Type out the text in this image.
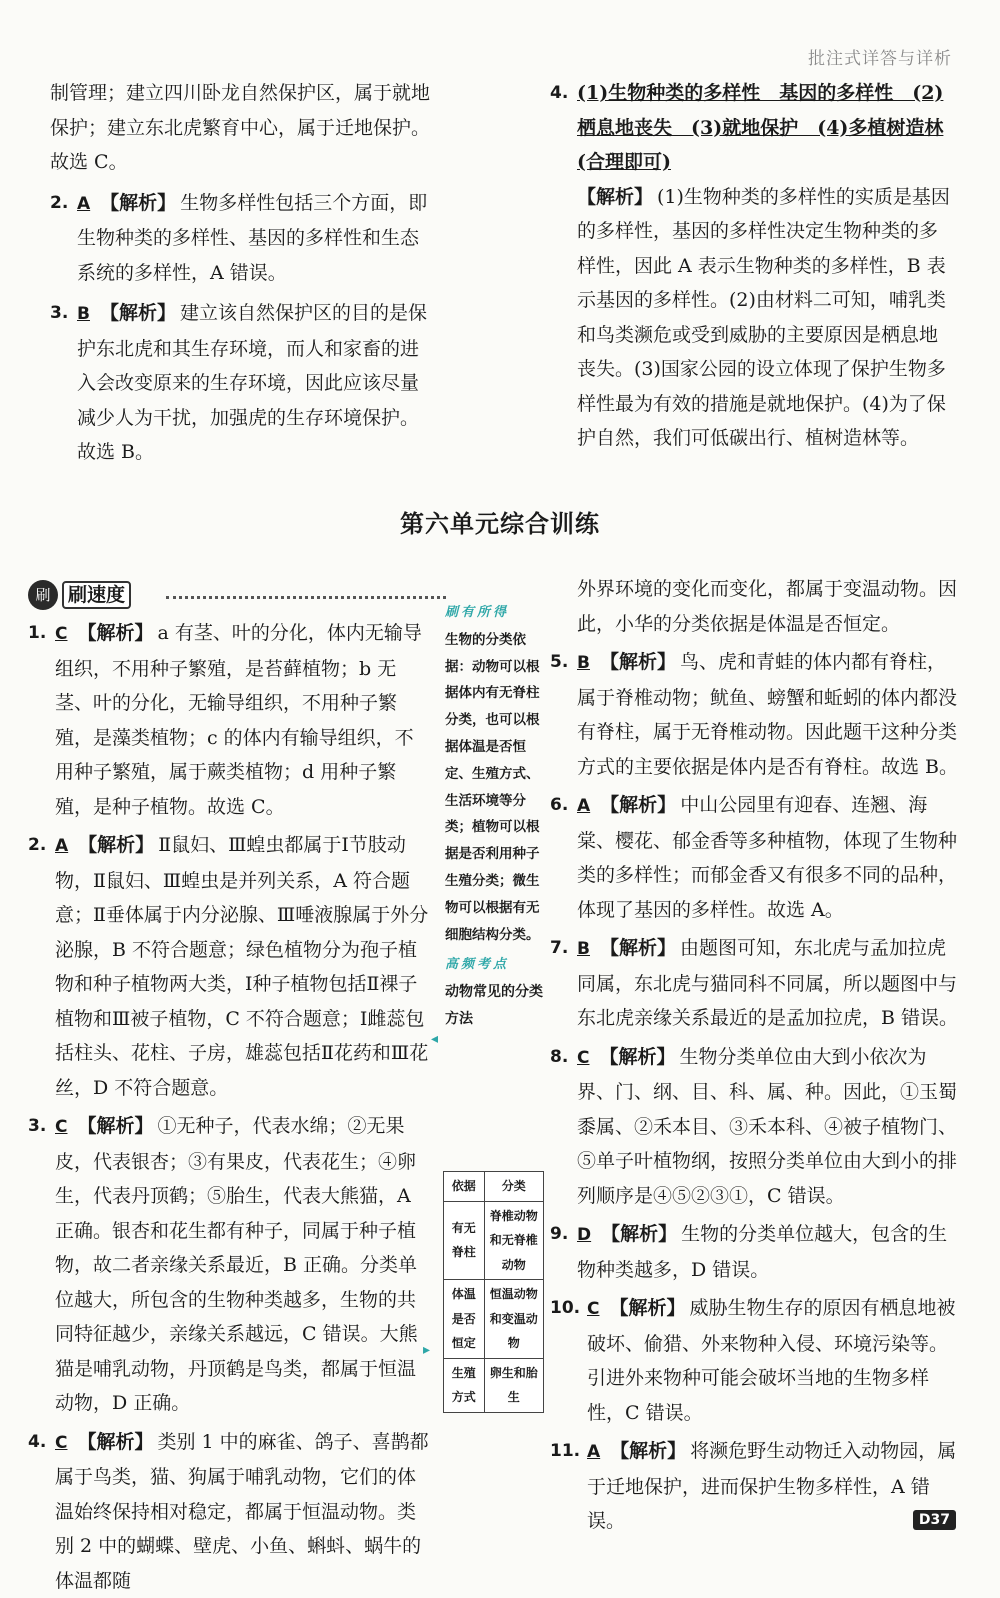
批注式详答与详析

制管理；建立四川卧龙自然保护区，属于就地保护；建立东北虎繁育中心，属于迁地保护。故选 C。

2. A 【解析】 生物多样性包括三个方面，即生物种类的多样性、基因的多样性和生态系统的多样性，A 错误。

3. B 【解析】 建立该自然保护区的目的是保护东北虎和其生存环境，而人和家畜的进入会改变原来的生存环境，因此应该尽量减少人为干扰，加强虎的生存环境保护。故选 B。

4. (1)生物种类的多样性　基因的多样性　(2)栖息地丧失　(3)就地保护　(4)多植树造林(合理即可)

【解析】 (1)生物种类的多样性的实质是基因的多样性，基因的多样性决定生物种类的多样性，因此 A 表示生物种类的多样性，B 表示基因的多样性。(2)由材料二可知，哺乳类和鸟类濒危或受到威胁的主要原因是栖息地丧失。(3)国家公园的设立体现了保护生物多样性最为有效的措施是就地保护。(4)为了保护自然，我们可低碳出行、植树造林等。

第六单元综合训练
刷 刷速度

1. C 【解析】 a 有茎、叶的分化，体内无输导组织，不用种子繁殖，是苔藓植物；b 无茎、叶的分化，无输导组织，不用种子繁殖，是藻类植物；c 的体内有输导组织，不用种子繁殖，属于蕨类植物；d 用种子繁殖，是种子植物。故选 C。

2. A 【解析】 Ⅱ鼠妇、Ⅲ蝗虫都属于Ⅰ节肢动物，Ⅱ鼠妇、Ⅲ蝗虫是并列关系，A 符合题意；Ⅱ垂体属于内分泌腺、Ⅲ唾液腺属于外分泌腺，B 不符合题意；绿色植物分为孢子植物和种子植物两大类，Ⅰ种子植物包括Ⅱ裸子植物和Ⅲ被子植物，C 不符合题意；Ⅰ雌蕊包括柱头、花柱、子房，雄蕊包括Ⅱ花药和Ⅲ花丝，D 不符合题意。

3. C 【解析】 ①无种子，代表水绵；②无果皮，代表银杏；③有果皮，代表花生；④卵生，代表丹顶鹤；⑤胎生，代表大熊猫，A 正确。银杏和花生都有种子，同属于种子植物，故二者亲缘关系最近，B 正确。分类单位越大，所包含的生物种类越多，生物的共同特征越少，亲缘关系越远，C 错误。大熊猫是哺乳动物，丹顶鹤是鸟类，都属于恒温动物，D 正确。

4. C 【解析】 类别 1 中的麻雀、鸽子、喜鹊都属于鸟类，猫、狗属于哺乳动物，它们的体温始终保持相对稳定，都属于恒温动物。类别 2 中的蝴蝶、壁虎、小鱼、蝌蚪、蜗牛的体温都随

刷有所得
生物的分类依据：动物可以根据体内有无脊柱分类，也可以根据体温是否恒定、生殖方式、生活环境等分类；植物可以根据是否利用种子生殖分类；微生物可以根据有无细胞结构分类。
高频考点
动物常见的分类方法
◂
▸
依据	分类
有无脊柱	脊椎动物和无脊椎动物
体温是否恒定	恒温动物和变温动物
生殖方式	卵生和胎生

外界环境的变化而变化，都属于变温动物。因此，小华的分类依据是体温是否恒定。

5. B 【解析】 鸟、虎和青蛙的体内都有脊柱，属于脊椎动物；鱿鱼、螃蟹和蚯蚓的体内都没有脊柱，属于无脊椎动物。因此题干这种分类方式的主要依据是体内是否有脊柱。故选 B。

6. A 【解析】 中山公园里有迎春、连翘、海棠、樱花、郁金香等多种植物，体现了生物种类的多样性；而郁金香又有很多不同的品种，体现了基因的多样性。故选 A。

7. B 【解析】 由题图可知，东北虎与孟加拉虎同属，东北虎与猫同科不同属，所以题图中与东北虎亲缘关系最近的是孟加拉虎，B 错误。

8. C 【解析】 生物分类单位由大到小依次为界、门、纲、目、科、属、种。因此，①玉蜀黍属、②禾本目、③禾本科、④被子植物门、⑤单子叶植物纲，按照分类单位由大到小的排列顺序是④⑤②③①，C 错误。

9. D 【解析】 生物的分类单位越大，包含的生物种类越多，D 错误。

10. C 【解析】 威胁生物生存的原因有栖息地被破坏、偷猎、外来物种入侵、环境污染等。引进外来物种可能会破坏当地的生物多样性，C 错误。

11. A 【解析】 将濒危野生动物迁入动物园，属于迁地保护，进而保护生物多样性，A 错误。	D37
